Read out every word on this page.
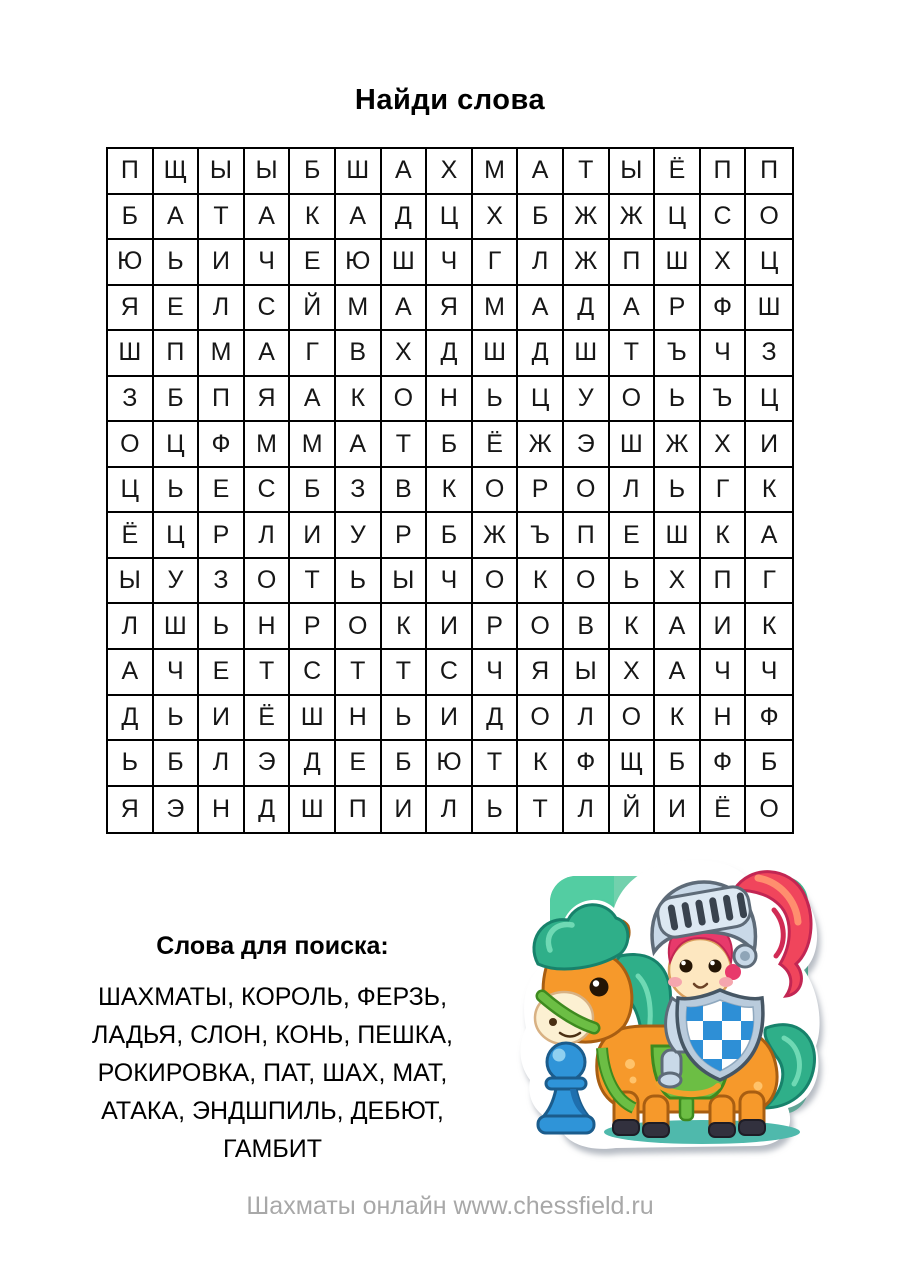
Найди слова
П Щ Ы Ы	Б	Ш	А	Х	М	А	Т	Ы	Ё	П	П
Б	А	Т	А	К	А	Д	Ц	Х	Б	Ж Ж Ц	С	О
Ю Ь	И	Ч	Е Ю Ш	Ч	Г	Л	Ж	П	Ш	Х	Ц
Я	Е	Л	С	Й	М	А	Я	М	А	Д	А	Р	Ф	Ш
Ш	П	М	А	Г	В	Х	Д	Ш	Д	Ш	Т	Ъ	Ч	З
З	Б	П	Я	А	К	О	Н	Ь	Ц	У	О	Ь	Ъ	Ц
О	Ц	Ф	М М	А	Т	Б	Ё	Ж	Э	Ш Ж	Х	И
Ц	Ь	Е	С	Б	З	В	К	О	Р	О	Л	Ь	Г	К
Ё	Ц	Р	Л	И	У	Р	Б	Ж Ъ	П	Е	Ш	К	А
Ы	У	З	О	Т	Ь	Ы	Ч	О	К	О	Ь	Х	П	Г
Л	Ш	Ь	Н	Р	О	К	И	Р	О	В	К	А	И	К
А	Ч	Е	Т	С	Т	Т	С	Ч	Я	Ы	Х	А	Ч	Ч
Д	Ь	И	Ё	Ш	Н	Ь	И	Д	О	Л	О	К	Н	Ф
Ь	Б	Л	Э	Д	Е	Б Ю	Т	К	Ф Щ	Б	Ф	Б
Я	Э	Н	Д	Ш	П	И	Л	Ь	Т	Л	Й	И	Ё	О
Слова для поиска:
ШАХМАТЫ, КОРОЛЬ, ФЕРЗЬ,
ЛАДЬЯ, СЛОН, КОНЬ, ПЕШКА,
РОКИРОВКА, ПАТ, ШАХ, МАТ,
АТАКА, ЭНДШПИЛЬ, ДЕБЮТ,
ГАМБИТ
Шахматы онлайн www.chessfield.ru
